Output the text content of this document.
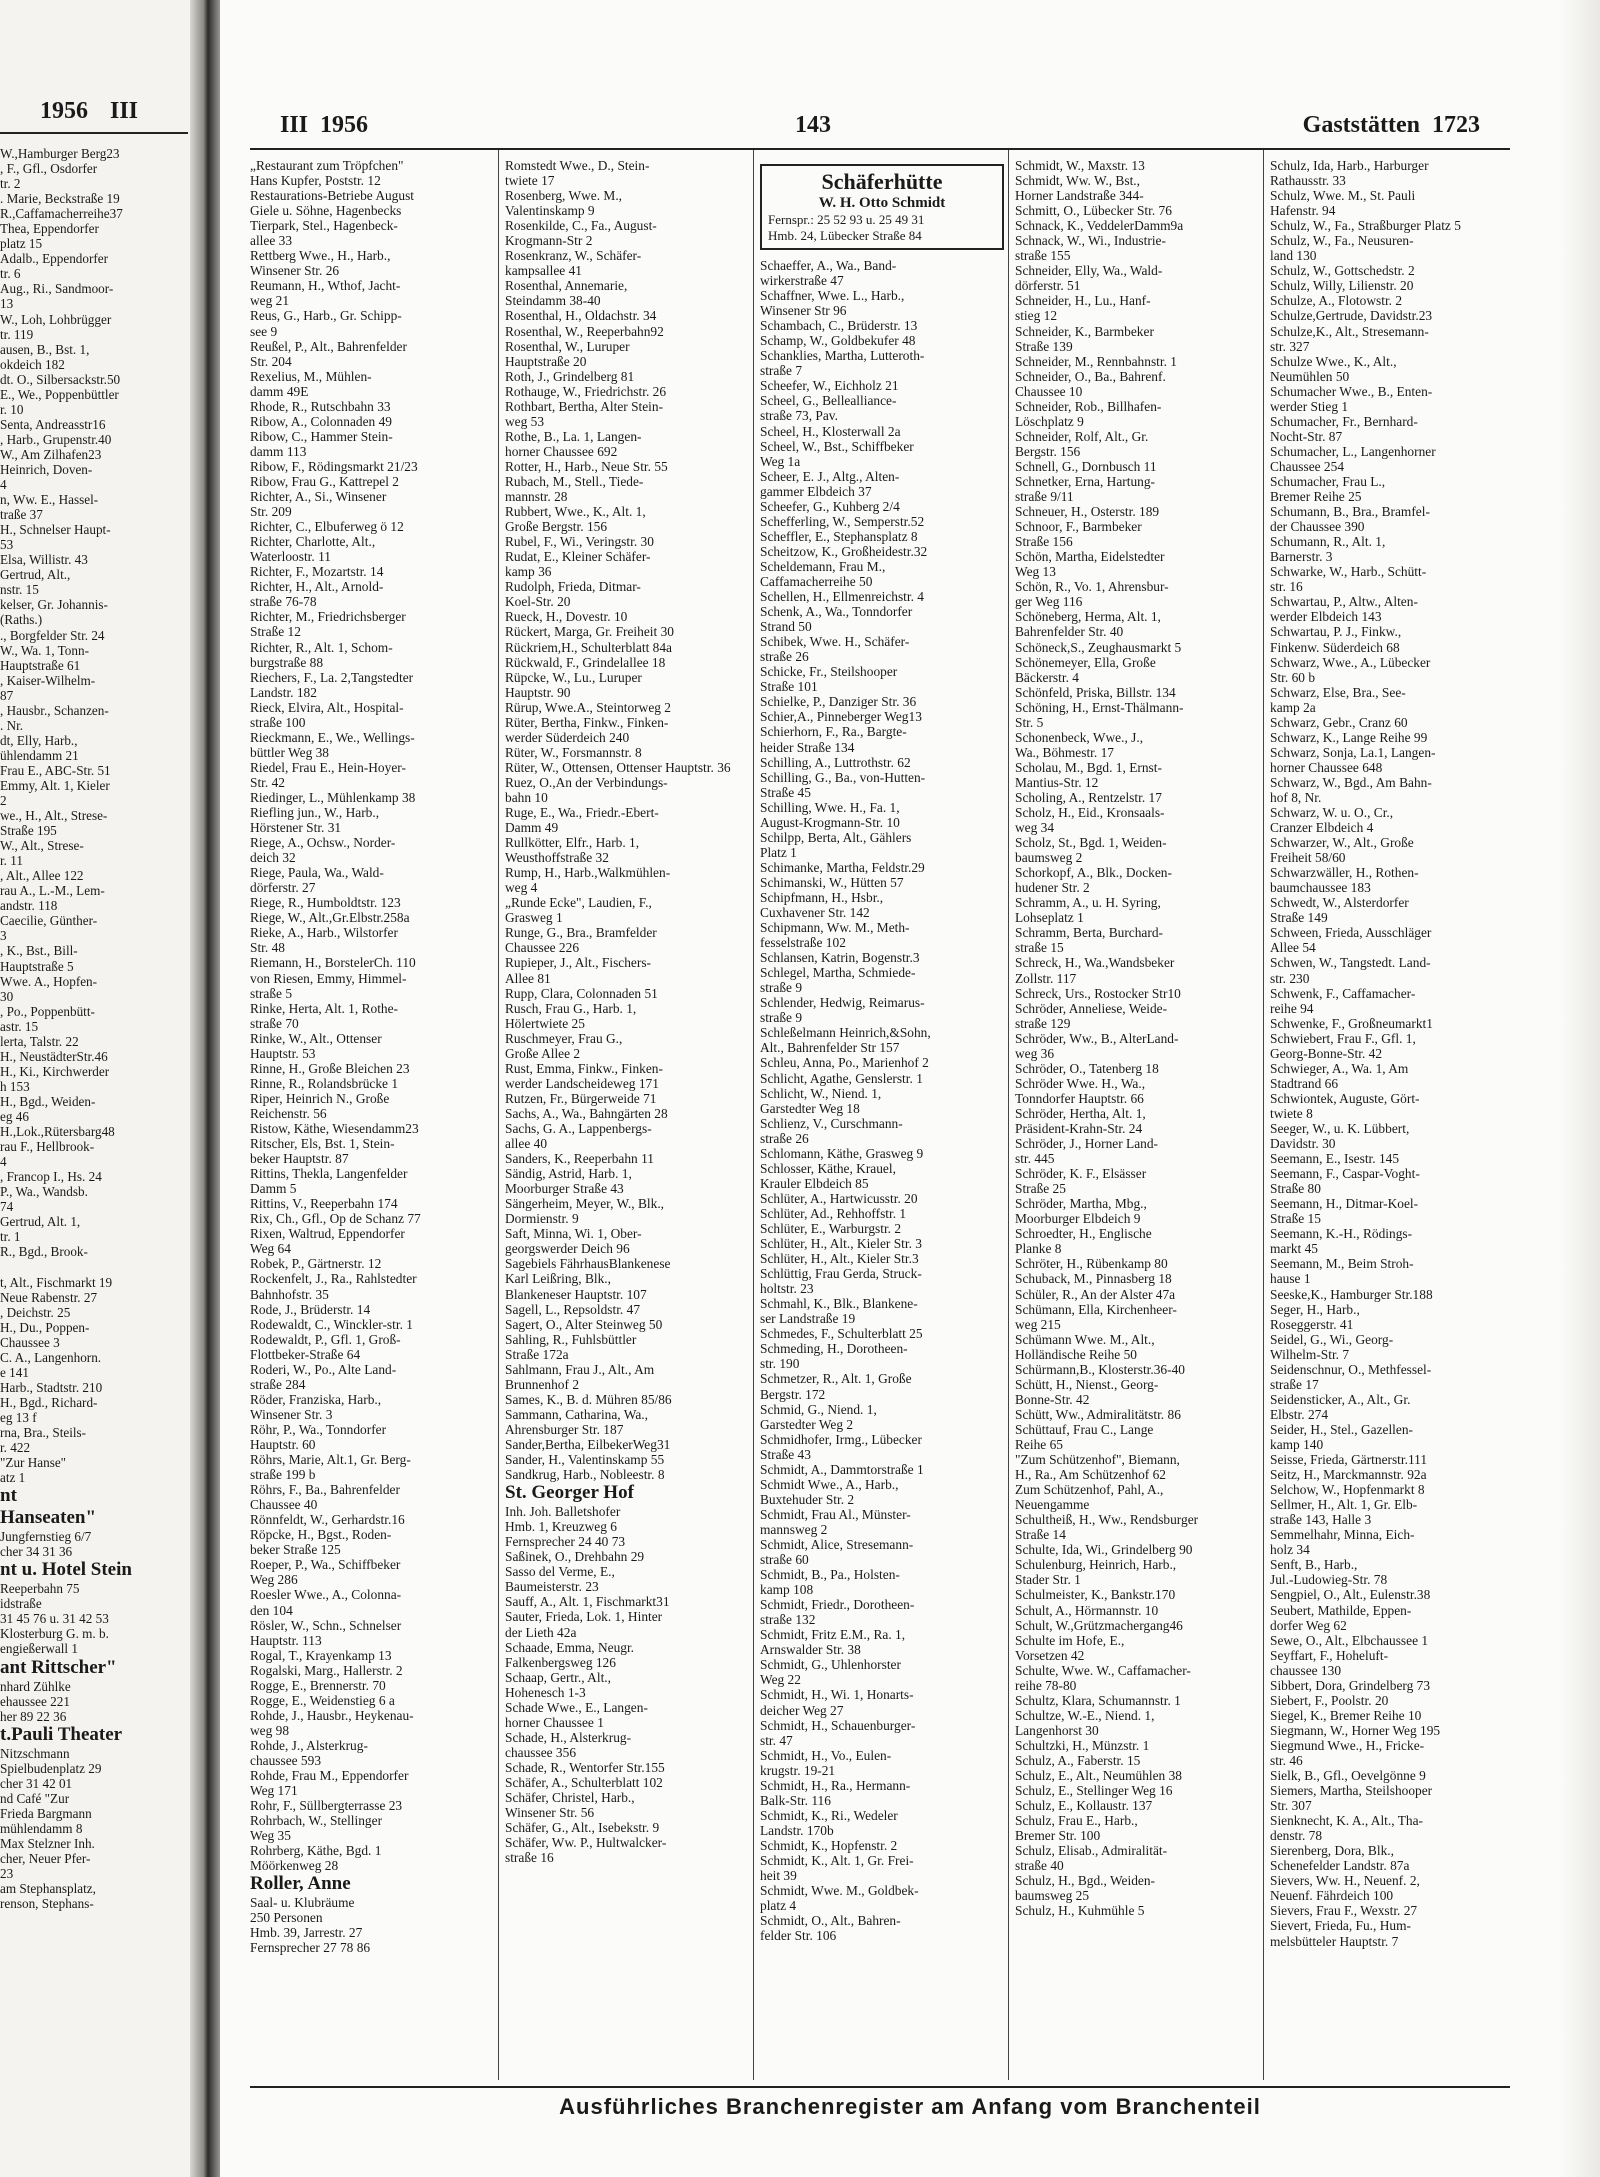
1956 III
W.,Hamburger Berg23
, F., Gfl., Osdorfer
tr. 2
. Marie, Beckstraße 19
R.,Caffamacherreihe37
Thea, Eppendorfer
platz 15
Adalb., Eppendorfer
tr. 6
Aug., Ri., Sandmoor-
13
W., Loh, Lohbrügger
tr. 119
ausen, B., Bst. 1,
okdeich 182
dt. O., Silbersackstr.50
E., We., Poppenbüttler
r. 10
Senta, Andreasstr16
, Harb., Grupenstr.40
W., Am Zilhafen23
Heinrich, Doven-
4
n, Ww. E., Hassel-
traße 37
H., Schnelser Haupt-
53
Elsa, Willistr. 43
Gertrud, Alt.,
nstr. 15
kelser, Gr. Johannis-
(Raths.)
., Borgfelder Str. 24
W., Wa. 1, Tonn-
Hauptstraße 61
, Kaiser-Wilhelm-
87
, Hausbr., Schanzen-
. Nr.
dt, Elly, Harb.,
ühlendamm 21
Frau E., ABC-Str. 51
Emmy, Alt. 1, Kieler
2
we., H., Alt., Strese-
Straße 195
W., Alt., Strese-
r. 11
, Alt., Allee 122
rau A., L.-M., Lem-
andstr. 118
Caecilie, Günther-
3
, K., Bst., Bill-
Hauptstraße 5
Wwe. A., Hopfen-
30
, Po., Poppenbütt-
astr. 15
lerta, Talstr. 22
H., NeustädterStr.46
H., Ki., Kirchwerder
h 153
H., Bgd., Weiden-
eg 46
H.,Lok.,Rütersbarg48
rau F., Hellbrook-
4
, Francop I., Hs. 24
P., Wa., Wandsb.
74
Gertrud, Alt. 1,
tr. 1
R., Bgd., Brook-

t, Alt., Fischmarkt 19
Neue Rabenstr. 27
, Deichstr. 25
H., Du., Poppen-
Chaussee 3
C. A., Langenhorn.
e 141
Harb., Stadtstr. 210
H., Bgd., Richard-
eg 13 f
rna, Bra., Steils-
r. 422
"Zur Hanse"
atz 1
nt
Hanseaten"
Jungfernstieg 6/7
cher 34 31 36
nt u. Hotel Stein
Reeperbahn 75
idstraße
31 45 76 u. 31 42 53
Klosterburg G. m. b.
engießerwall 1
ant Rittscher"
nhard Zühlke
ehaussee 221
her 89 22 36
t.Pauli Theater
Nitzschmann
Spielbudenplatz 29
cher 31 42 01
nd Café "Zur
Frieda Bargmann
mühlendamm 8
Max Stelzner Inh.
cher, Neuer Pfer-
23
am Stephansplatz,
renson, Stephans-
III 1956	143	Gaststätten 1723
„Restaurant zum Tröpfchen"
Hans Kupfer, Poststr. 12
Restaurations-Betriebe August
Giele u. Söhne, Hagenbecks
Tierpark, Stel., Hagenbeck-
allee 33
Rettberg Wwe., H., Harb.,
Winsener Str. 26
Reumann, H., Wthof, Jacht-
weg 21
Reus, G., Harb., Gr. Schipp-
see 9
Reußel, P., Alt., Bahrenfelder
Str. 204
Rexelius, M., Mühlen-
damm 49E
Rhode, R., Rutschbahn 33
Ribow, A., Colonnaden 49
Ribow, C., Hammer Stein-
damm 113
Ribow, F., Rödingsmarkt 21/23
Ribow, Frau G., Kattrepel 2
Richter, A., Si., Winsener
Str. 209
Richter, C., Elbuferweg ö 12
Richter, Charlotte, Alt.,
Waterloostr. 11
Richter, F., Mozartstr. 14
Richter, H., Alt., Arnold-
straße 76-78
Richter, M., Friedrichsberger
Straße 12
Richter, R., Alt. 1, Schom-
burgstraße 88
Riechers, F., La. 2,Tangstedter
Landstr. 182
Rieck, Elvira, Alt., Hospital-
straße 100
Rieckmann, E., We., Wellings-
büttler Weg 38
Riedel, Frau E., Hein-Hoyer-
Str. 42
Riedinger, L., Mühlenkamp 38
Riefling jun., W., Harb.,
Hörstener Str. 31
Riege, A., Ochsw., Norder-
deich 32
Riege, Paula, Wa., Wald-
dörferstr. 27
Riege, R., Humboldtstr. 123
Riege, W., Alt.,Gr.Elbstr.258a
Rieke, A., Harb., Wilstorfer
Str. 48
Riemann, H., BorstelerCh. 110
von Riesen, Emmy, Himmel-
straße 5
Rinke, Herta, Alt. 1, Rothe-
straße 70
Rinke, W., Alt., Ottenser
Hauptstr. 53
Rinne, H., Große Bleichen 23
Rinne, R., Rolandsbrücke 1
Riper, Heinrich N., Große
Reichenstr. 56
Ristow, Käthe, Wiesendamm23
Ritscher, Els, Bst. 1, Stein-
beker Hauptstr. 87
Rittins, Thekla, Langenfelder
Damm 5
Rittins, V., Reeperbahn 174
Rix, Ch., Gfl., Op de Schanz 77
Rixen, Waltrud, Eppendorfer
Weg 64
Robek, P., Gärtnerstr. 12
Rockenfelt, J., Ra., Rahlstedter
Bahnhofstr. 35
Rode, J., Brüderstr. 14
Rodewaldt, C., Winckler-str. 1
Rodewaldt, P., Gfl. 1, Groß-
Flottbeker-Straße 64
Roderi, W., Po., Alte Land-
straße 284
Röder, Franziska, Harb.,
Winsener Str. 3
Röhr, P., Wa., Tonndorfer
Hauptstr. 60
Röhrs, Marie, Alt.1, Gr. Berg-
straße 199 b
Röhrs, F., Ba., Bahrenfelder
Chaussee 40
Rönnfeldt, W., Gerhardstr.16
Röpcke, H., Bgst., Roden-
beker Straße 125
Roeper, P., Wa., Schiffbeker
Weg 286
Roesler Wwe., A., Colonna-
den 104
Rösler, W., Schn., Schnelser
Hauptstr. 113
Rogal, T., Krayenkamp 13
Rogalski, Marg., Hallerstr. 2
Rogge, E., Brennerstr. 70
Rogge, E., Weidenstieg 6 a
Rohde, J., Hausbr., Heykenau-
weg 98
Rohde, J., Alsterkrug-
chaussee 593
Rohde, Frau M., Eppendorfer
Weg 171
Rohr, F., Süllbergterrasse 23
Rohrbach, W., Stellinger
Weg 35
Rohrberg, Käthe, Bgd. 1
Möörkenweg 28
Roller, Anne
Saal- u. Klubräume
250 Personen
Hmb. 39, Jarrestr. 27
Fernsprecher 27 78 86
Romstedt Wwe., D., Stein-
twiete 17
Rosenberg, Wwe. M.,
Valentinskamp 9
Rosenkilde, C., Fa., August-
Krogmann-Str 2
Rosenkranz, W., Schäfer-
kampsallee 41
Rosenthal, Annemarie,
Steindamm 38-40
Rosenthal, H., Oldachstr. 34
Rosenthal, W., Reeperbahn92
Rosenthal, W., Luruper
Hauptstraße 20
Roth, J., Grindelberg 81
Rothauge, W., Friedrichstr. 26
Rothbart, Bertha, Alter Stein-
weg 53
Rothe, B., La. 1, Langen-
horner Chaussee 692
Rotter, H., Harb., Neue Str. 55
Rubach, M., Stell., Tiede-
mannstr. 28
Rubbert, Wwe., K., Alt. 1,
Große Bergstr. 156
Rubel, F., Wi., Veringstr. 30
Rudat, E., Kleiner Schäfer-
kamp 36
Rudolph, Frieda, Ditmar-
Koel-Str. 20
Rueck, H., Dovestr. 10
Rückert, Marga, Gr. Freiheit 30
Rückriem,H., Schulterblatt 84a
Rückwald, F., Grindelallee 18
Rüpcke, W., Lu., Luruper
Hauptstr. 90
Rürup, Wwe.A., Steintorweg 2
Rüter, Bertha, Finkw., Finken-
werder Süderdeich 240
Rüter, W., Forsmannstr. 8
Rüter, W., Ottensen, Ottenser Hauptstr. 36
Ruez, O.,An der Verbindungs-
bahn 10
Ruge, E., Wa., Friedr.-Ebert-
Damm 49
Rullkötter, Elfr., Harb. 1,
Weusthoffstraße 32
Rump, H., Harb.,Walkmühlen-
weg 4
„Runde Ecke", Laudien, F.,
Grasweg 1
Runge, G., Bra., Bramfelder
Chaussee 226
Rupieper, J., Alt., Fischers-
Allee 81
Rupp, Clara, Colonnaden 51
Rusch, Frau G., Harb. 1,
Hölertwiete 25
Ruschmeyer, Frau G.,
Große Allee 2
Rust, Emma, Finkw., Finken-
werder Landscheideweg 171
Rutzen, Fr., Bürgerweide 71
Sachs, A., Wa., Bahngärten 28
Sachs, G. A., Lappenbergs-
allee 40
Sanders, K., Reeperbahn 11
Sändig, Astrid, Harb. 1,
Moorburger Straße 43
Sängerheim, Meyer, W., Blk.,
Dormienstr. 9
Saft, Minna, Wi. 1, Ober-
georgswerder Deich 96
Sagebiels FährhausBlankenese
Karl Leißring, Blk.,
Blankeneser Hauptstr. 107
Sagell, L., Repsoldstr. 47
Sagert, O., Alter Steinweg 50
Sahling, R., Fuhlsbüttler
Straße 172a
Sahlmann, Frau J., Alt., Am
Brunnenhof 2
Sames, K., B. d. Mühren 85/86
Sammann, Catharina, Wa.,
Ahrensburger Str. 187
Sander,Bertha, EilbekerWeg31
Sander, H., Valentinskamp 55
Sandkrug, Harb., Nobleestr. 8
St. Georger Hof
Inh. Joh. Balletshofer
Hmb. 1, Kreuzweg 6
Fernsprecher 24 40 73
Saßinek, O., Drehbahn 29
Sasso del Verme, E.,
Baumeisterstr. 23
Sauff, A., Alt. 1, Fischmarkt31
Sauter, Frieda, Lok. 1, Hinter
der Lieth 42a
Schaade, Emma, Neugr.
Falkenbergsweg 126
Schaap, Gertr., Alt.,
Hohenesch 1-3
Schade Wwe., E., Langen-
horner Chaussee 1
Schade, H., Alsterkrug-
chaussee 356
Schade, R., Wentorfer Str.155
Schäfer, A., Schulterblatt 102
Schäfer, Christel, Harb.,
Winsener Str. 56
Schäfer, G., Alt., Isebekstr. 9
Schäfer, Ww. P., Hultwalcker-
straße 16
Schäferhütte
W. H. Otto Schmidt
Fernspr.: 25 52 93 u. 25 49 31
Hmb. 24, Lübecker Straße 84
Schaeffer, A., Wa., Band-
wirkerstraße 47
Schaffner, Wwe. L., Harb.,
Winsener Str 96
Schambach, C., Brüderstr. 13
Schamp, W., Goldbekufer 48
Schanklies, Martha, Lutteroth-
straße 7
Scheefer, W., Eichholz 21
Scheel, G., Bellealliance-
straße 73, Pav.
Scheel, H., Klosterwall 2a
Scheel, W., Bst., Schiffbeker
Weg 1a
Scheer, E. J., Altg., Alten-
gammer Elbdeich 37
Scheefer, G., Kuhberg 2/4
Schefferling, W., Semperstr.52
Scheffler, E., Stephansplatz 8
Scheitzow, K., Großheidestr.32
Scheldemann, Frau M.,
Caffamacherreihe 50
Schellen, H., Ellmenreichstr. 4
Schenk, A., Wa., Tonndorfer
Strand 50
Schibek, Wwe. H., Schäfer-
straße 26
Schicke, Fr., Steilshooper
Straße 101
Schielke, P., Danziger Str. 36
Schier,A., Pinneberger Weg13
Schierhorn, F., Ra., Bargte-
heider Straße 134
Schilling, A., Luttrothstr. 62
Schilling, G., Ba., von-Hutten-
Straße 45
Schilling, Wwe. H., Fa. 1,
August-Krogmann-Str. 10
Schilpp, Berta, Alt., Gählers
Platz 1
Schimanke, Martha, Feldstr.29
Schimanski, W., Hütten 57
Schipfmann, H., Hsbr.,
Cuxhavener Str. 142
Schipmann, Ww. M., Meth-
fesselstraße 102
Schlansen, Katrin, Bogenstr.3
Schlegel, Martha, Schmiede-
straße 9
Schlender, Hedwig, Reimarus-
straße 9
Schleßelmann Heinrich,&Sohn,
Alt., Bahrenfelder Str 157
Schleu, Anna, Po., Marienhof 2
Schlicht, Agathe, Genslerstr. 1
Schlicht, W., Niend. 1,
Garstedter Weg 18
Schlienz, V., Curschmann-
straße 26
Schlomann, Käthe, Grasweg 9
Schlosser, Käthe, Krauel,
Krauler Elbdeich 85
Schlüter, A., Hartwicusstr. 20
Schlüter, Ad., Rehhoffstr. 1
Schlüter, E., Warburgstr. 2
Schlüter, H., Alt., Kieler Str. 3
Schlüter, H., Alt., Kieler Str.3
Schlüttig, Frau Gerda, Struck-
holtstr. 23
Schmahl, K., Blk., Blankene-
ser Landstraße 19
Schmedes, F., Schulterblatt 25
Schmeding, H., Dorotheen-
str. 190
Schmetzer, R., Alt. 1, Große
Bergstr. 172
Schmid, G., Niend. 1,
Garstedter Weg 2
Schmidhofer, Irmg., Lübecker
Straße 43
Schmidt, A., Dammtorstraße 1
Schmidt Wwe., A., Harb.,
Buxtehuder Str. 2
Schmidt, Frau Al., Münster-
mannsweg 2
Schmidt, Alice, Stresemann-
straße 60
Schmidt, B., Pa., Holsten-
kamp 108
Schmidt, Friedr., Dorotheen-
straße 132
Schmidt, Fritz E.M., Ra. 1,
Arnswalder Str. 38
Schmidt, G., Uhlenhorster
Weg 22
Schmidt, H., Wi. 1, Honarts-
deicher Weg 27
Schmidt, H., Schauenburger-
str. 47
Schmidt, H., Vo., Eulen-
krugstr. 19-21
Schmidt, H., Ra., Hermann-
Balk-Str. 116
Schmidt, K., Ri., Wedeler
Landstr. 170b
Schmidt, K., Hopfenstr. 2
Schmidt, K., Alt. 1, Gr. Frei-
heit 39
Schmidt, Wwe. M., Goldbek-
platz 4
Schmidt, O., Alt., Bahren-
felder Str. 106
Schmidt, W., Maxstr. 13
Schmidt, Ww. W., Bst.,
Horner Landstraße 344-
Schmitt, O., Lübecker Str. 76
Schnack, K., VeddelerDamm9a
Schnack, W., Wi., Industrie-
straße 155
Schneider, Elly, Wa., Wald-
dörferstr. 51
Schneider, H., Lu., Hanf-
stieg 12
Schneider, K., Barmbeker
Straße 139
Schneider, M., Rennbahnstr. 1
Schneider, O., Ba., Bahrenf.
Chaussee 10
Schneider, Rob., Billhafen-
Löschplatz 9
Schneider, Rolf, Alt., Gr.
Bergstr. 156
Schnell, G., Dornbusch 11
Schnetker, Erna, Hartung-
straße 9/11
Schneuer, H., Osterstr. 189
Schnoor, F., Barmbeker
Straße 156
Schön, Martha, Eidelstedter
Weg 13
Schön, R., Vo. 1, Ahrensbur-
ger Weg 116
Schöneberg, Herma, Alt. 1,
Bahrenfelder Str. 40
Schöneck,S., Zeughausmarkt 5
Schönemeyer, Ella, Große
Bäckerstr. 4
Schönfeld, Priska, Billstr. 134
Schöning, H., Ernst-Thälmann-
Str. 5
Schonenbeck, Wwe., J.,
Wa., Böhmestr. 17
Scholau, M., Bgd. 1, Ernst-
Mantius-Str. 12
Scholing, A., Rentzelstr. 17
Scholz, H., Eid., Kronsaals-
weg 34
Scholz, St., Bgd. 1, Weiden-
baumsweg 2
Schorkopf, A., Blk., Docken-
hudener Str. 2
Schramm, A., u. H. Syring,
Lohseplatz 1
Schramm, Berta, Burchard-
straße 15
Schreck, H., Wa.,Wandsbeker
Zollstr. 117
Schreck, Urs., Rostocker Str10
Schröder, Anneliese, Weide-
straße 129
Schröder, Ww., B., AlterLand-
weg 36
Schröder, O., Tatenberg 18
Schröder Wwe. H., Wa.,
Tonndorfer Hauptstr. 66
Schröder, Hertha, Alt. 1,
Präsident-Krahn-Str. 24
Schröder, J., Horner Land-
str. 445
Schröder, K. F., Elsässer
Straße 25
Schröder, Martha, Mbg.,
Moorburger Elbdeich 9
Schroedter, H., Englische
Planke 8
Schröter, H., Rübenkamp 80
Schuback, M., Pinnasberg 18
Schüler, R., An der Alster 47a
Schümann, Ella, Kirchenheer-
weg 215
Schümann Wwe. M., Alt.,
Holländische Reihe 50
Schürmann,B., Klosterstr.36-40
Schütt, H., Nienst., Georg-
Bonne-Str. 42
Schütt, Ww., Admiralitätstr. 86
Schüttauf, Frau C., Lange
Reihe 65
"Zum Schützenhof", Biemann,
H., Ra., Am Schützenhof 62
Zum Schützenhof, Pahl, A.,
Neuengamme
Schultheiß, H., Ww., Rendsburger
Straße 14
Schulte, Ida, Wi., Grindelberg 90
Schulenburg, Heinrich, Harb.,
Stader Str. 1
Schulmeister, K., Bankstr.170
Schult, A., Hörmannstr. 10
Schult, W.,Grützmachergang46
Schulte im Hofe, E.,
Vorsetzen 42
Schulte, Wwe. W., Caffamacher-
reihe 78-80
Schultz, Klara, Schumannstr. 1
Schultze, W.-E., Niend. 1,
Langenhorst 30
Schultzki, H., Münzstr. 1
Schulz, A., Faberstr. 15
Schulz, E., Alt., Neumühlen 38
Schulz, E., Stellinger Weg 16
Schulz, E., Kollaustr. 137
Schulz, Frau E., Harb.,
Bremer Str. 100
Schulz, Elisab., Admiralität-
straße 40
Schulz, H., Bgd., Weiden-
baumsweg 25
Schulz, H., Kuhmühle 5
Schulz, Ida, Harb., Harburger
Rathausstr. 33
Schulz, Wwe. M., St. Pauli
Hafenstr. 94
Schulz, W., Fa., Straßburger Platz 5
Schulz, W., Fa., Neusuren-
land 130
Schulz, W., Gottschedstr. 2
Schulz, Willy, Lilienstr. 20
Schulze, A., Flotowstr. 2
Schulze,Gertrude, Davidstr.23
Schulze,K., Alt., Stresemann-
str. 327
Schulze Wwe., K., Alt.,
Neumühlen 50
Schumacher Wwe., B., Enten-
werder Stieg 1
Schumacher, Fr., Bernhard-
Nocht-Str. 87
Schumacher, L., Langenhorner
Chaussee 254
Schumacher, Frau L.,
Bremer Reihe 25
Schumann, B., Bra., Bramfel-
der Chaussee 390
Schumann, R., Alt. 1,
Barnerstr. 3
Schwarke, W., Harb., Schütt-
str. 16
Schwartau, P., Altw., Alten-
werder Elbdeich 143
Schwartau, P. J., Finkw.,
Finkenw. Süderdeich 68
Schwarz, Wwe., A., Lübecker
Str. 60 b
Schwarz, Else, Bra., See-
kamp 2a
Schwarz, Gebr., Cranz 60
Schwarz, K., Lange Reihe 99
Schwarz, Sonja, La.1, Langen-
horner Chaussee 648
Schwarz, W., Bgd., Am Bahn-
hof 8, Nr.
Schwarz, W. u. O., Cr.,
Cranzer Elbdeich 4
Schwarzer, W., Alt., Große
Freiheit 58/60
Schwarzwäller, H., Rothen-
baumchaussee 183
Schwedt, W., Alsterdorfer
Straße 149
Schween, Frieda, Ausschläger
Allee 54
Schwen, W., Tangstedt. Land-
str. 230
Schwenk, F., Caffamacher-
reihe 94
Schwenke, F., Großneumarkt1
Schwiebert, Frau F., Gfl. 1,
Georg-Bonne-Str. 42
Schwieger, A., Wa. 1, Am
Stadtrand 66
Schwiontek, Auguste, Gört-
twiete 8
Seeger, W., u. K. Lübbert,
Davidstr. 30
Seemann, E., Isestr. 145
Seemann, F., Caspar-Voght-
Straße 80
Seemann, H., Ditmar-Koel-
Straße 15
Seemann, K.-H., Rödings-
markt 45
Seemann, M., Beim Stroh-
hause 1
Seeske,K., Hamburger Str.188
Seger, H., Harb.,
Roseggerstr. 41
Seidel, G., Wi., Georg-
Wilhelm-Str. 7
Seidenschnur, O., Methfessel-
straße 17
Seidensticker, A., Alt., Gr.
Elbstr. 274
Seider, H., Stel., Gazellen-
kamp 140
Seisse, Frieda, Gärtnerstr.111
Seitz, H., Marckmannstr. 92a
Selchow, W., Hopfenmarkt 8
Sellmer, H., Alt. 1, Gr. Elb-
straße 143, Halle 3
Semmelhahr, Minna, Eich-
holz 34
Senft, B., Harb.,
Jul.-Ludowieg-Str. 78
Sengpiel, O., Alt., Eulenstr.38
Seubert, Mathilde, Eppen-
dorfer Weg 62
Sewe, O., Alt., Elbchaussee 1
Seyffart, F., Hoheluft-
chaussee 130
Sibbert, Dora, Grindelberg 73
Siebert, F., Poolstr. 20
Siegel, K., Bremer Reihe 10
Siegmann, W., Horner Weg 195
Siegmund Wwe., H., Fricke-
str. 46
Sielk, B., Gfl., Oevelgönne 9
Siemers, Martha, Steilshooper
Str. 307
Sienknecht, K. A., Alt., Tha-
denstr. 78
Sierenberg, Dora, Blk.,
Schenefelder Landstr. 87a
Sievers, Ww. H., Neuenf. 2,
Neuenf. Fährdeich 100
Sievers, Frau F., Wexstr. 27
Sievert, Frieda, Fu., Hum-
melsbütteler Hauptstr. 7
Ausführliches Branchenregister am Anfang vom Branchenteil
